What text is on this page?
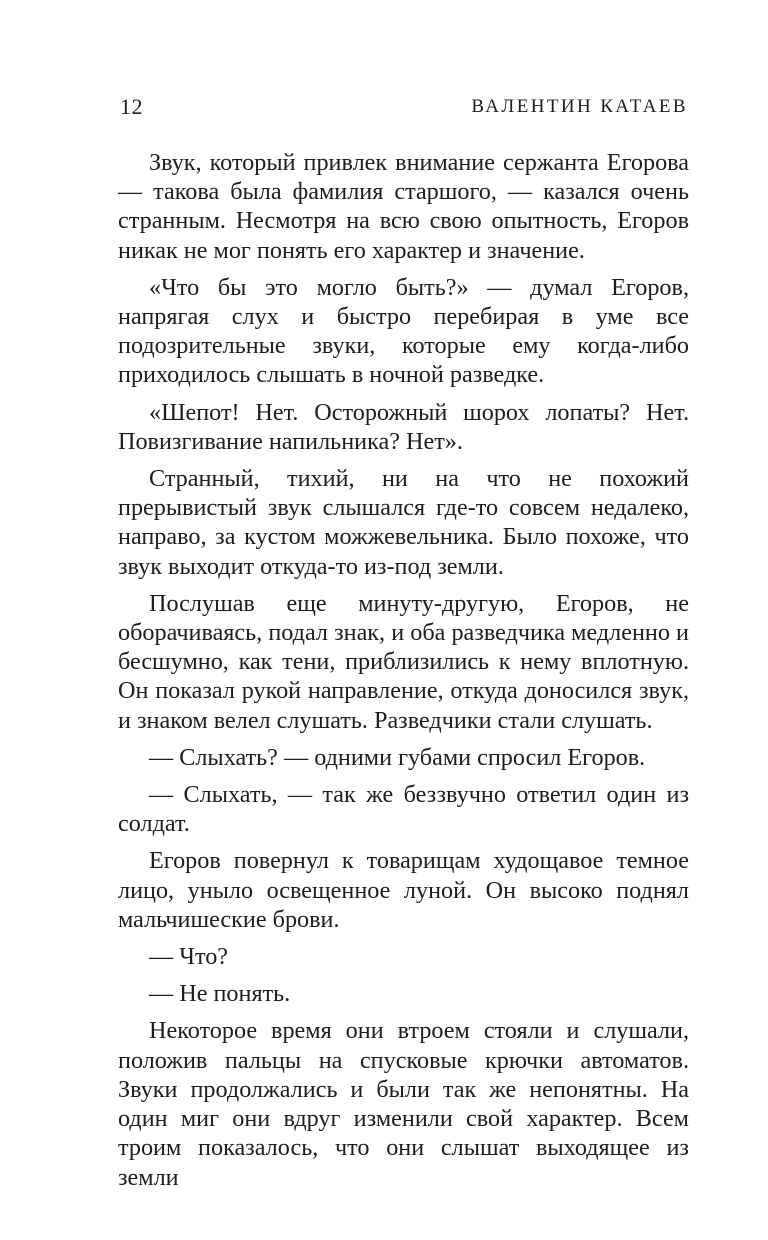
12	ВАЛЕНТИН КАТАЕВ

Звук, который привлек внимание сержанта Егорова — такова была фамилия старшого, — казался очень странным. Несмотря на всю свою опытность, Егоров никак не мог понять его характер и значение.

«Что бы это могло быть?» — думал Егоров, напрягая слух и быстро перебирая в уме все подозрительные звуки, которые ему когда-либо приходилось слышать в ночной разведке.

«Шепот! Нет. Осторожный шорох лопаты? Нет. Повизгивание напильника? Нет».

Странный, тихий, ни на что не похожий прерывистый звук слышался где-то совсем недалеко, направо, за кустом можжевельника. Было похоже, что звук выходит откуда-то из-под земли.

Послушав еще минуту-другую, Егоров, не оборачиваясь, подал знак, и оба разведчика медленно и бесшумно, как тени, приблизились к нему вплотную. Он показал рукой направление, откуда доносился звук, и знаком велел слушать. Разведчики стали слушать.

— Слыхать? — одними губами спросил Егоров.

— Слыхать, — так же беззвучно ответил один из солдат.

Егоров повернул к товарищам худощавое темное лицо, уныло освещенное луной. Он высоко поднял мальчишеские брови.

— Что?

— Не понять.

Некоторое время они втроем стояли и слушали, положив пальцы на спусковые крючки автоматов. Звуки продолжались и были так же непонятны. На один миг они вдруг изменили свой характер. Всем троим показалось, что они слышат выходящее из земли
